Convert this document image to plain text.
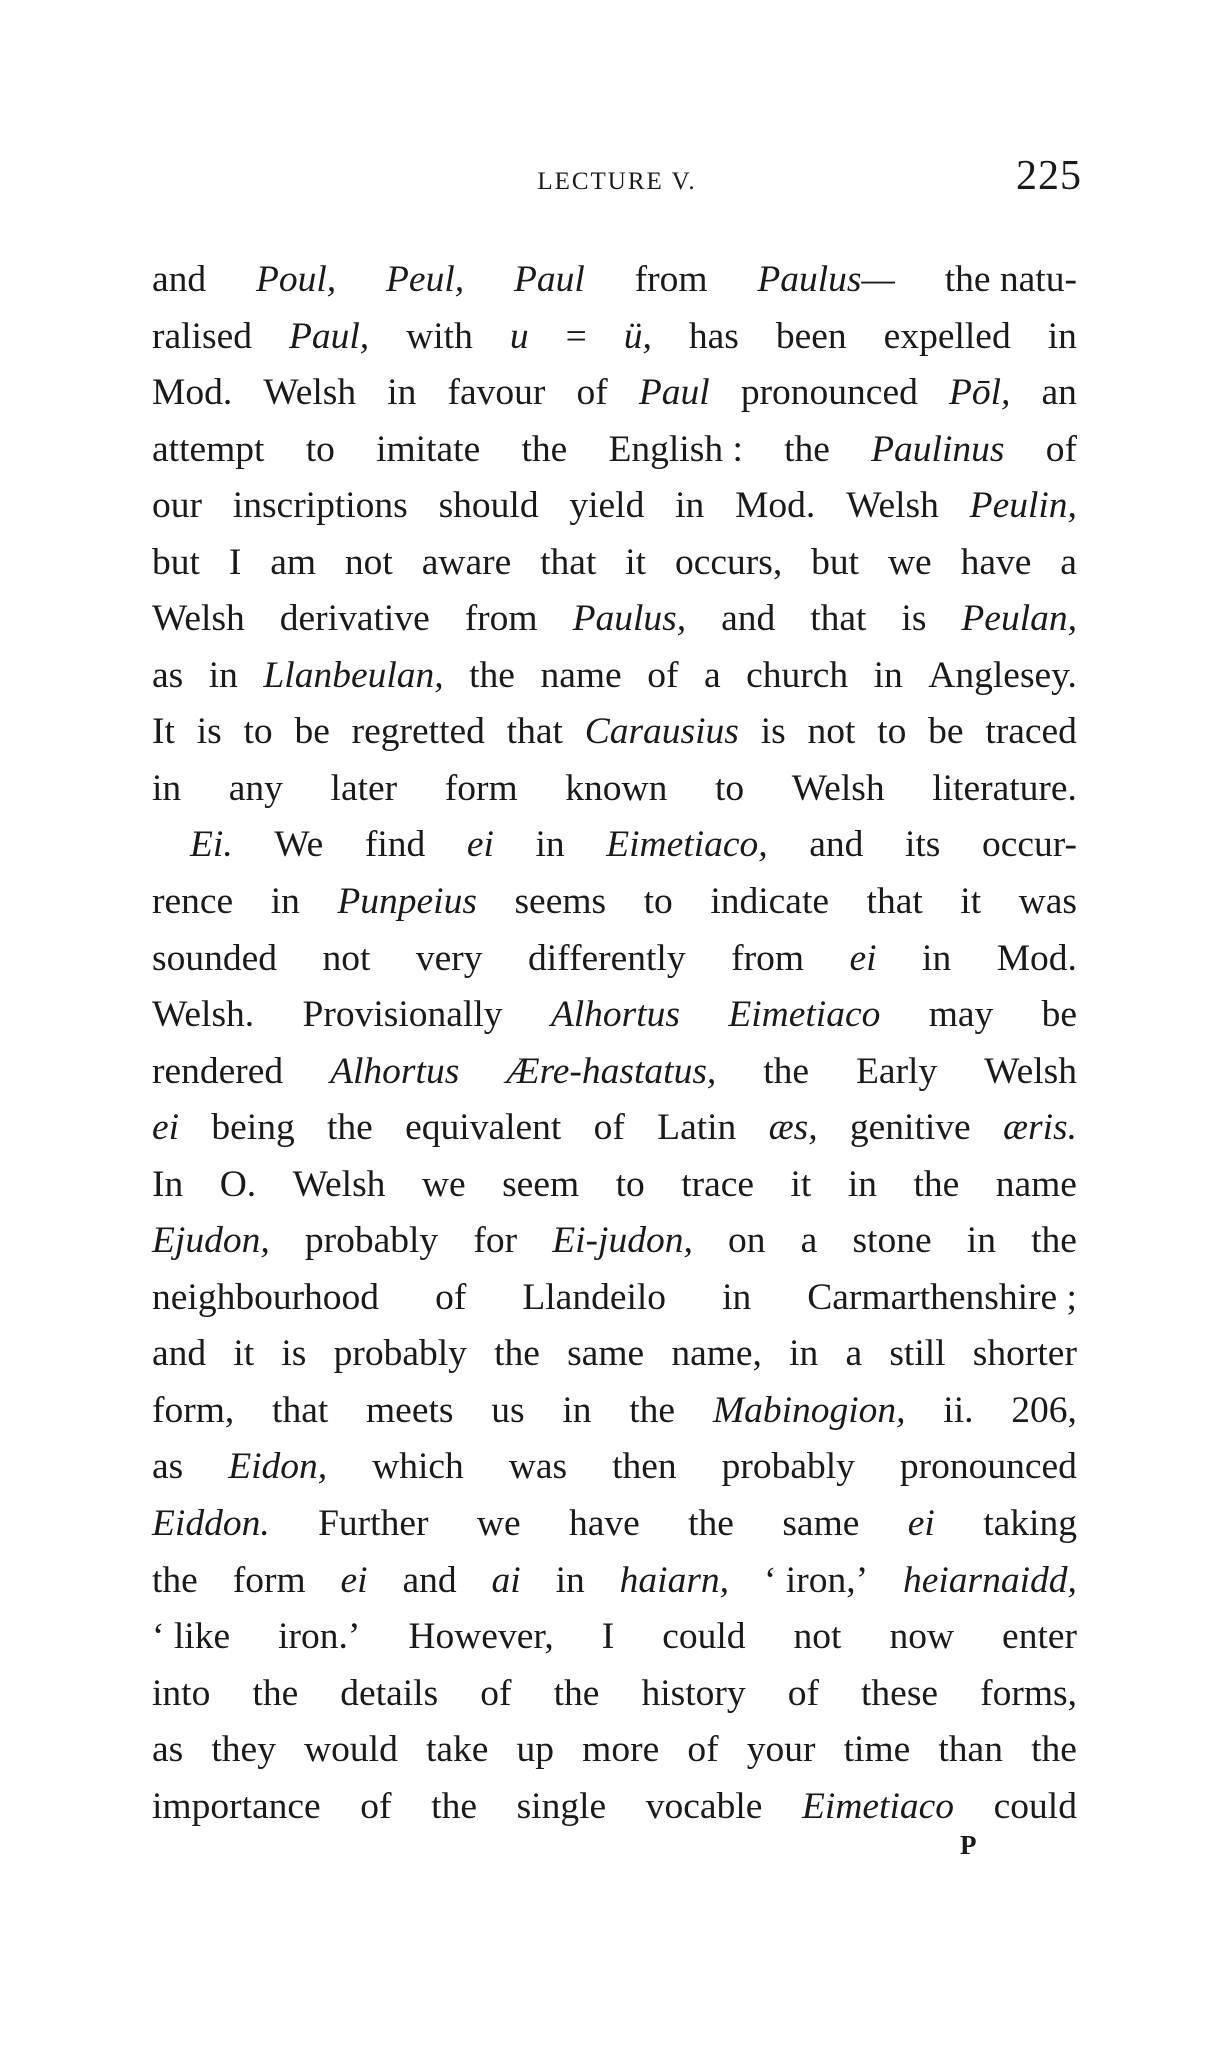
LECTURE V.	225
and Poul, Peul, Paul from Paulus— the natu-
ralised Paul, with u = ü, has been expelled in
Mod. Welsh in favour of Paul pronounced Pōl, an
attempt to imitate the English : the Paulinus of
our inscriptions should yield in Mod. Welsh Peulin,
but I am not aware that it occurs, but we have a
Welsh derivative from Paulus, and that is Peulan,
as in Llanbeulan, the name of a church in Anglesey.
It is to be regretted that Carausius is not to be traced
in any later form known to Welsh literature.
Ei. We find ei in Eimetiaco, and its occur-
rence in Punpeius seems to indicate that it was
sounded not very differently from ei in Mod.
Welsh. Provisionally Alhortus Eimetiaco may be
rendered Alhortus Ære-hastatus, the Early Welsh
ei being the equivalent of Latin æs, genitive æris.
In O. Welsh we seem to trace it in the name
Ejudon, probably for Ei-judon, on a stone in the
neighbourhood of Llandeilo in Carmarthenshire ;
and it is probably the same name, in a still shorter
form, that meets us in the Mabinogion, ii. 206,
as Eidon, which was then probably pronounced
Eiddon. Further we have the same ei taking
the form ei and ai in haiarn, ‘ iron,’ heiarnaidd,
‘ like iron.’ However, I could not now enter
into the details of the history of these forms,
as they would take up more of your time than the
importance of the single vocable Eimetiaco could
P
